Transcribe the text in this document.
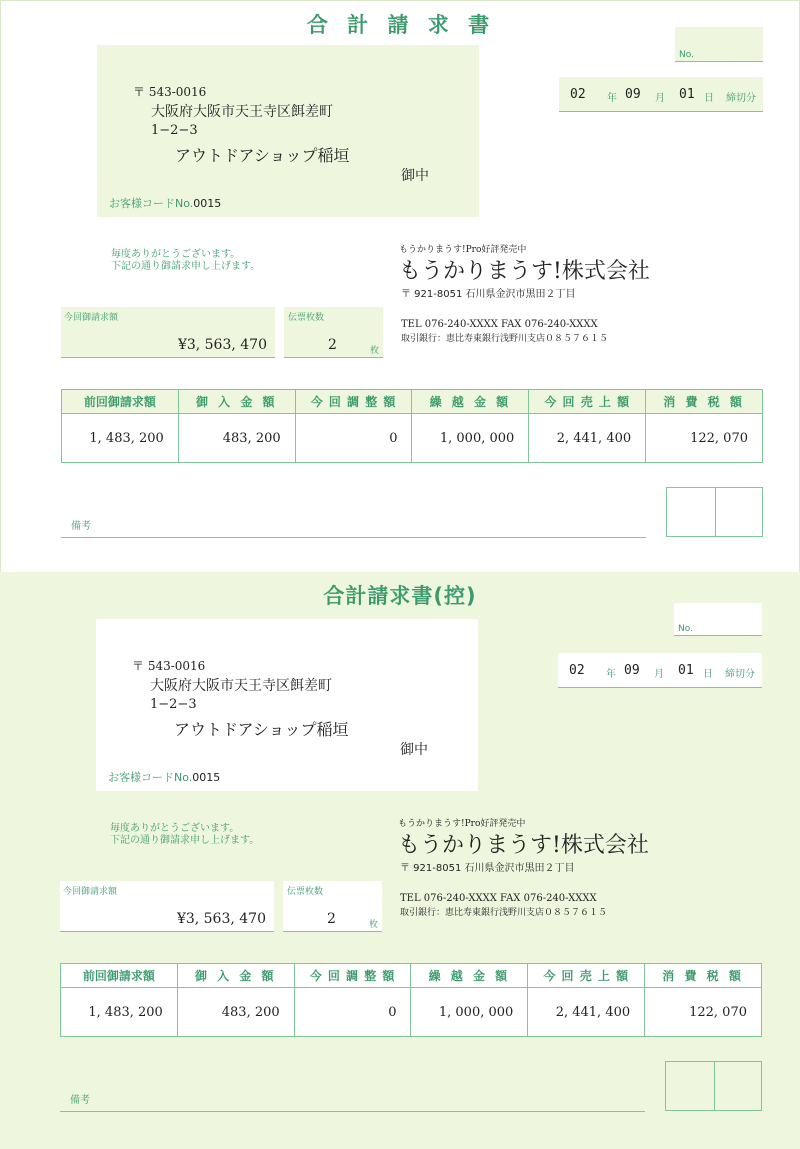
合 計 請 求 書
〒 543-0016
大阪府大阪市天王寺区餌差町
1−2−3
アウトドアショップ稲垣
御中
お客様コードNo.0015
No.
02 年 09 月 01 日 締切分
毎度ありがとうございます。
下記の通り御請求申し上げます。
もうかりまうす!Pro好評発売中
もうかりまうす!株式会社
〒 921-8051 石川県金沢市黒田２丁目
TEL 076-240-XXXX FAX 076-240-XXXX
取引銀行：恵比寿東銀行浅野川支店０８５７６１５
今回御請求額
¥3, 563, 470
伝票枚数
2	枚
前回御請求額	御 入 金 額	今 回 調 整 額	繰 越 金 額	今 回 売 上 額	消 費 税 額
1, 483, 200	483, 200	0	1, 000, 000	2, 441, 400	122, 070
備考
合計請求書(控)
〒 543-0016
大阪府大阪市天王寺区餌差町
1−2−3
アウトドアショップ稲垣
御中
お客様コードNo.0015
No.
02 年 09 月 01 日 締切分
毎度ありがとうございます。
下記の通り御請求申し上げます。
もうかりまうす!Pro好評発売中
もうかりまうす!株式会社
〒 921-8051 石川県金沢市黒田２丁目
TEL 076-240-XXXX FAX 076-240-XXXX
取引銀行：恵比寿東銀行浅野川支店０８５７６１５
今回御請求額
¥3, 563, 470
伝票枚数
2	枚
前回御請求額	御 入 金 額	今 回 調 整 額	繰 越 金 額	今 回 売 上 額	消 費 税 額
1, 483, 200	483, 200	0	1, 000, 000	2, 441, 400	122, 070
備考
